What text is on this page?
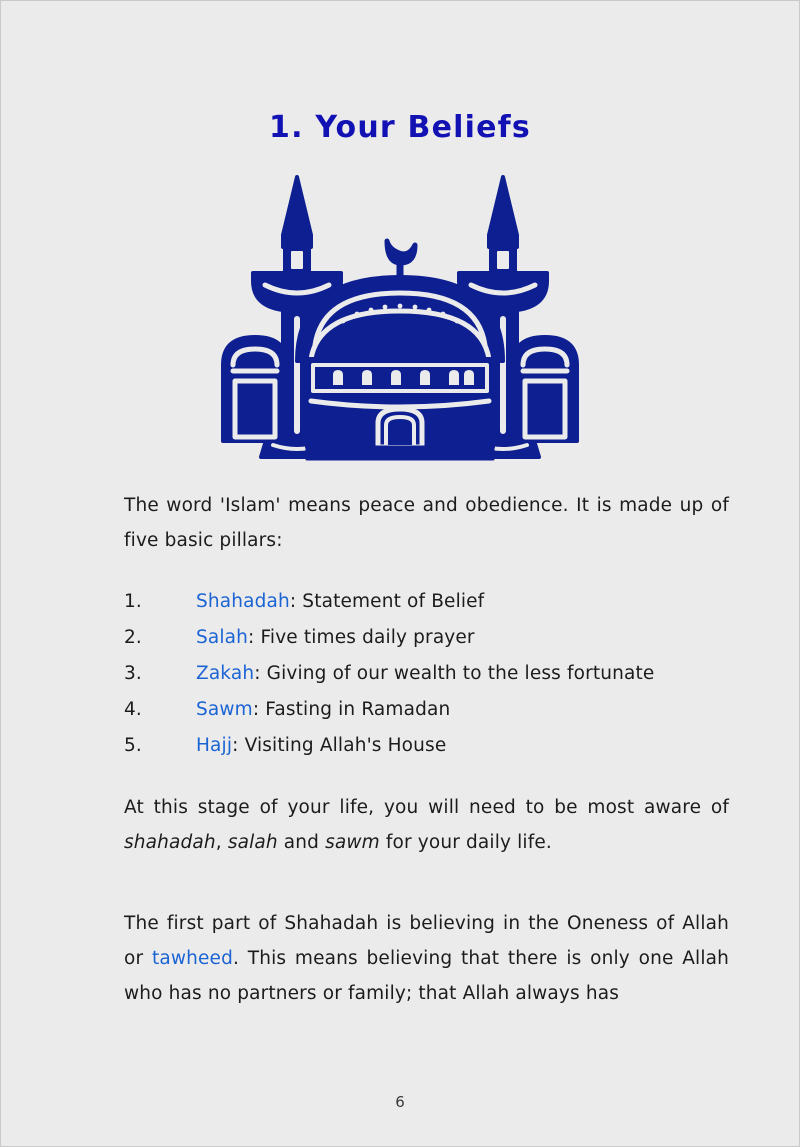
1. Your Beliefs

The word 'Islam' means peace and obedience. It is made up of five basic pillars:

1.	Shahadah: Statement of Belief
2.	Salah: Five times daily prayer
3.	Zakah: Giving of our wealth to the less fortunate
4.	Sawm: Fasting in Ramadan
5.	Hajj: Visiting Allah's House

At this stage of your life, you will need to be most aware of shahadah, salah and sawm for your daily life.

The first part of Shahadah is believing in the Oneness of Allah or tawheed. This means believing that there is only one Allah who has no partners or family; that Allah always has

6
